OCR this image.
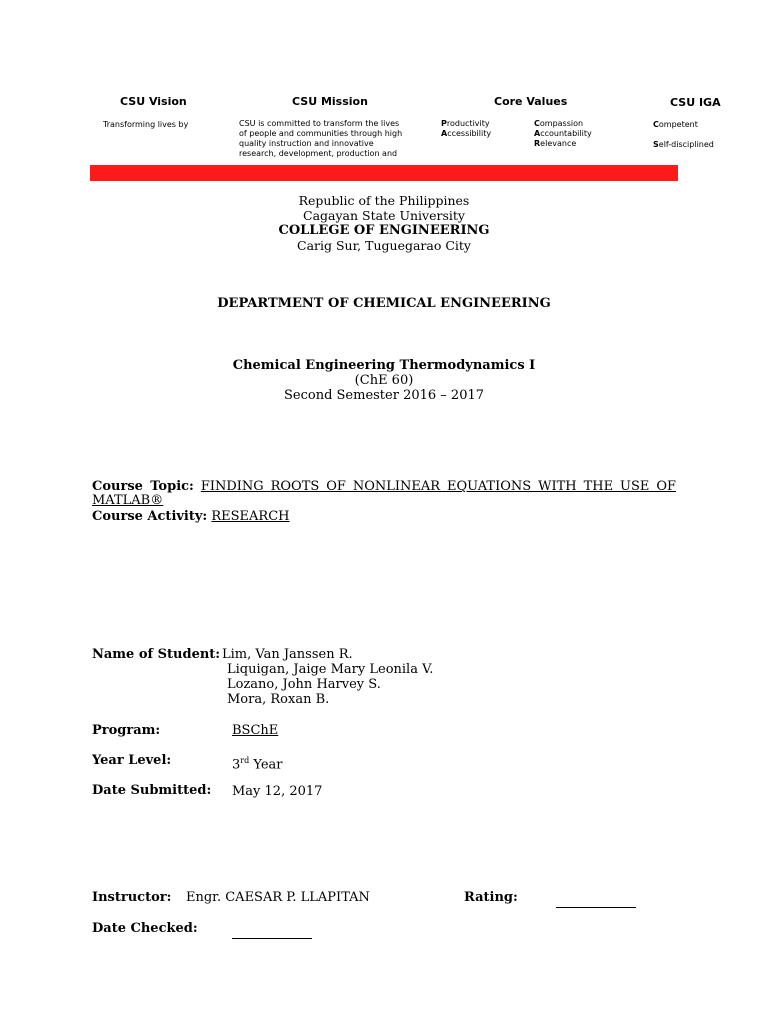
CSU Vision
Transforming lives by
CSU Mission
CSU is committed to transform the lives of people and communities through high quality instruction and innovative research, development, production and
Core Values
Productivity
Accessibility
Compassion
Accountability
Relevance
CSU IGA
Competent
Self-disciplined
Republic of the Philippines
Cagayan State University
COLLEGE OF ENGINEERING
Carig Sur, Tuguegarao City
DEPARTMENT OF CHEMICAL ENGINEERING
Chemical Engineering Thermodynamics I
(ChE 60)
Second Semester 2016 – 2017
Course Topic: FINDING ROOTS OF NONLINEAR EQUATIONS WITH THE USE OF
MATLAB®
Course Activity: RESEARCH
Name of Student: Lim, Van Janssen R.
Liquigan, Jaige Mary Leonila V.
Lozano, John Harvey S.
Mora, Roxan B.
Program:	BSChE
Year Level:	3rd Year
Date Submitted: May 12, 2017
Instructor: Engr. CAESAR P. LLAPITAN	Rating:
Date Checked:
